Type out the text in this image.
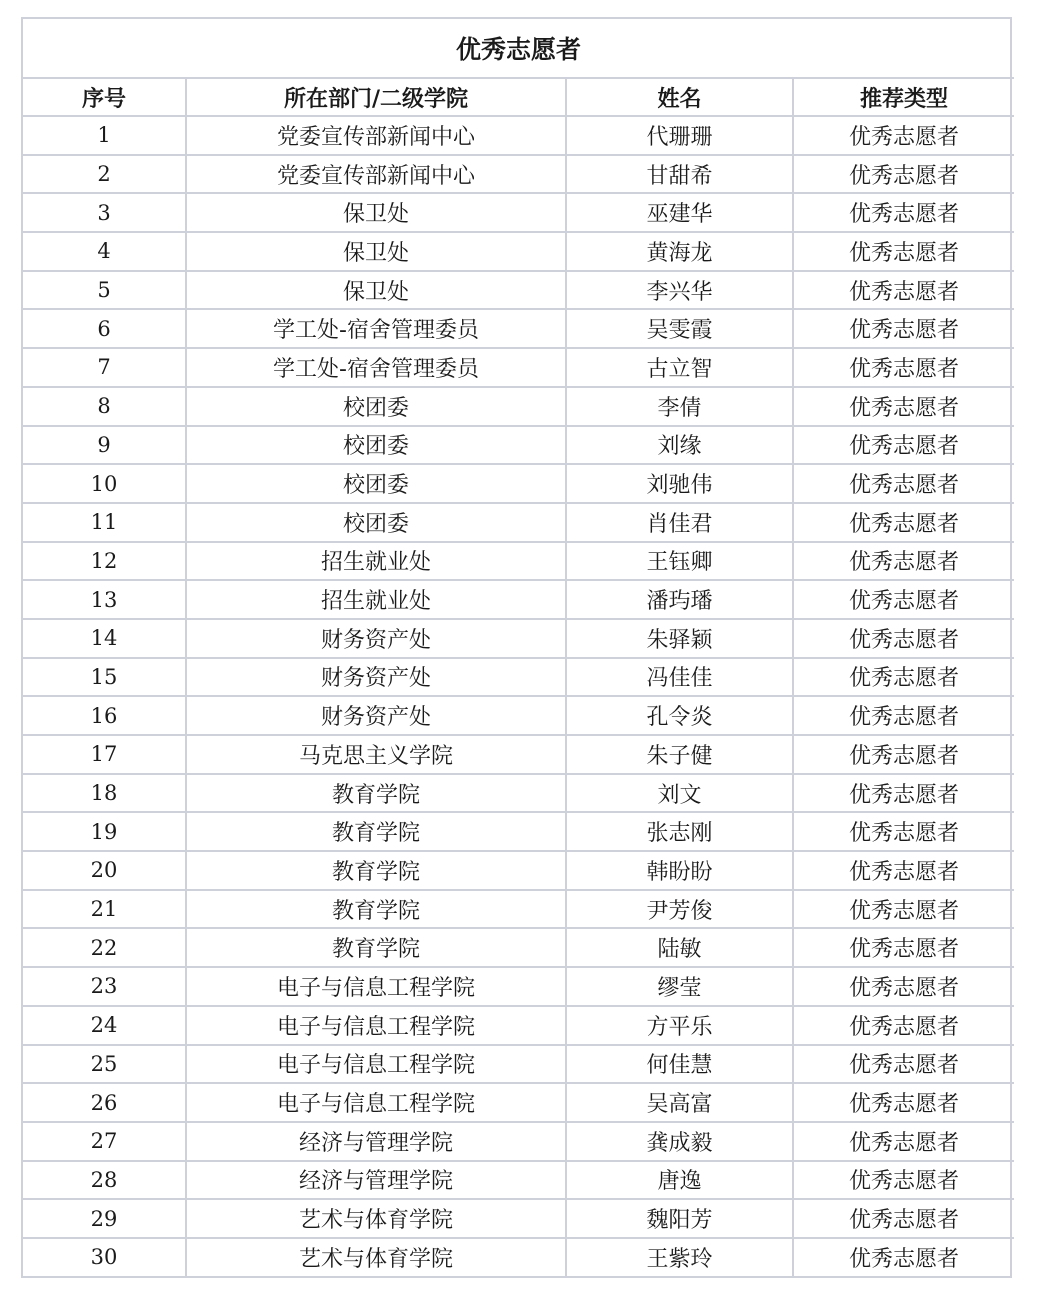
优秀志愿者			
序号	所在部门/二级学院	姓名	推荐类型
1	党委宣传部新闻中心	代珊珊	优秀志愿者
2	党委宣传部新闻中心	甘甜希	优秀志愿者
3	保卫处	巫建华	优秀志愿者
4	保卫处	黄海龙	优秀志愿者
5	保卫处	李兴华	优秀志愿者
6	学工处-宿舍管理委员	吴雯霞	优秀志愿者
7	学工处-宿舍管理委员	古立智	优秀志愿者
8	校团委	李倩	优秀志愿者
9	校团委	刘缘	优秀志愿者
10	校团委	刘驰伟	优秀志愿者
11	校团委	肖佳君	优秀志愿者
12	招生就业处	王钰卿	优秀志愿者
13	招生就业处	潘玙璠	优秀志愿者
14	财务资产处	朱驿颖	优秀志愿者
15	财务资产处	冯佳佳	优秀志愿者
16	财务资产处	孔令炎	优秀志愿者
17	马克思主义学院	朱子健	优秀志愿者
18	教育学院	刘文	优秀志愿者
19	教育学院	张志刚	优秀志愿者
20	教育学院	韩盼盼	优秀志愿者
21	教育学院	尹芳俊	优秀志愿者
22	教育学院	陆敏	优秀志愿者
23	电子与信息工程学院	缪莹	优秀志愿者
24	电子与信息工程学院	方平乐	优秀志愿者
25	电子与信息工程学院	何佳慧	优秀志愿者
26	电子与信息工程学院	吴高富	优秀志愿者
27	经济与管理学院	龚成毅	优秀志愿者
28	经济与管理学院	唐逸	优秀志愿者
29	艺术与体育学院	魏阳芳	优秀志愿者
30	艺术与体育学院	王紫玲	优秀志愿者
